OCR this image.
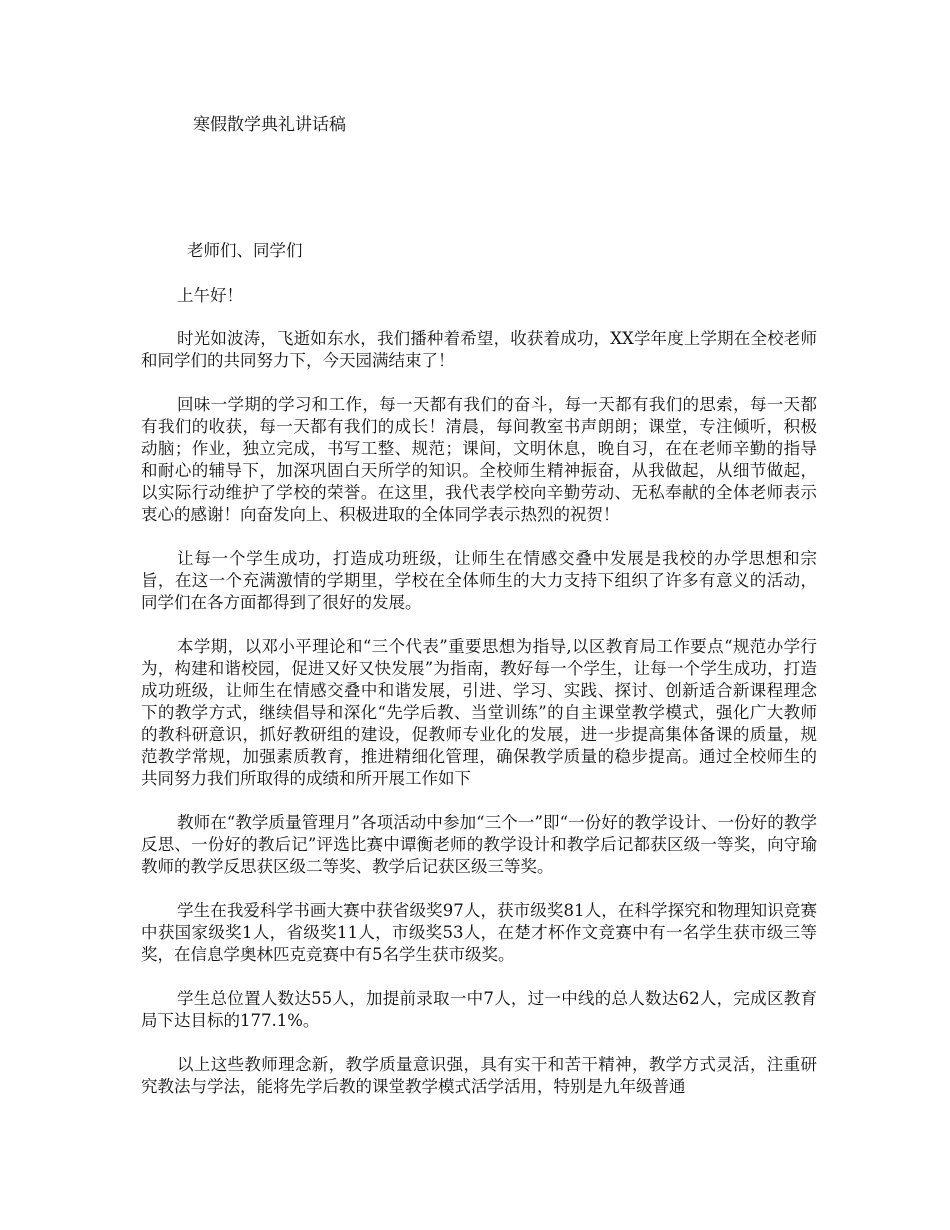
寒假散学典礼讲话稿
老师们、同学们

上午好！

时光如波涛，飞逝如东水，我们播种着希望，收获着成功，XX学年度上学期在全校老师和同学们的共同努力下，今天园满结束了！

回味一学期的学习和工作，每一天都有我们的奋斗，每一天都有我们的思索，每一天都有我们的收获，每一天都有我们的成长！清晨，每间教室书声朗朗；课堂，专注倾听，积极动脑；作业，独立完成，书写工整、规范；课间，文明休息，晚自习，在在老师辛勤的指导和耐心的辅导下，加深巩固白天所学的知识。全校师生精神振奋，从我做起，从细节做起，以实际行动维护了学校的荣誉。在这里，我代表学校向辛勤劳动、无私奉献的全体老师表示衷心的感谢！向奋发向上、积极进取的全体同学表示热烈的祝贺！

让每一个学生成功，打造成功班级，让师生在情感交叠中发展是我校的办学思想和宗旨，在这一个充满激情的学期里，学校在全体师生的大力支持下组织了许多有意义的活动，同学们在各方面都得到了很好的发展。

本学期，以邓小平理论和“三个代表”重要思想为指导,以区教育局工作要点“规范办学行为，构建和谐校园，促进又好又快发展”为指南，教好每一个学生，让每一个学生成功，打造成功班级，让师生在情感交叠中和谐发展，引进、学习、实践、探讨、创新适合新课程理念下的教学方式，继续倡导和深化“先学后教、当堂训练”的自主课堂教学模式，强化广大教师的教科研意识，抓好教研组的建设，促教师专业化的发展，进一步提高集体备课的质量，规范教学常规，加强素质教育，推进精细化管理，确保教学质量的稳步提高。通过全校师生的共同努力我们所取得的成绩和所开展工作如下

教师在“教学质量管理月”各项活动中参加“三个一”即“一份好的教学设计、一份好的教学反思、一份好的教后记”评选比赛中谭衡老师的教学设计和教学后记都获区级一等奖，向守瑜教师的教学反思获区级二等奖、教学后记获区级三等奖。

学生在我爱科学书画大赛中获省级奖97人，获市级奖81人，在科学探究和物理知识竞赛中获国家级奖1人，省级奖11人，市级奖53人，在楚才杯作文竞赛中有一名学生获市级三等奖，在信息学奥林匹克竞赛中有5名学生获市级奖。

学生总位置人数达55人，加提前录取一中7人，过一中线的总人数达62人，完成区教育局下达目标的177.1%。

以上这些教师理念新，教学质量意识强，具有实干和苦干精神，教学方式灵活，注重研究教法与学法，能将先学后教的课堂教学模式活学活用，特别是九年级普通
